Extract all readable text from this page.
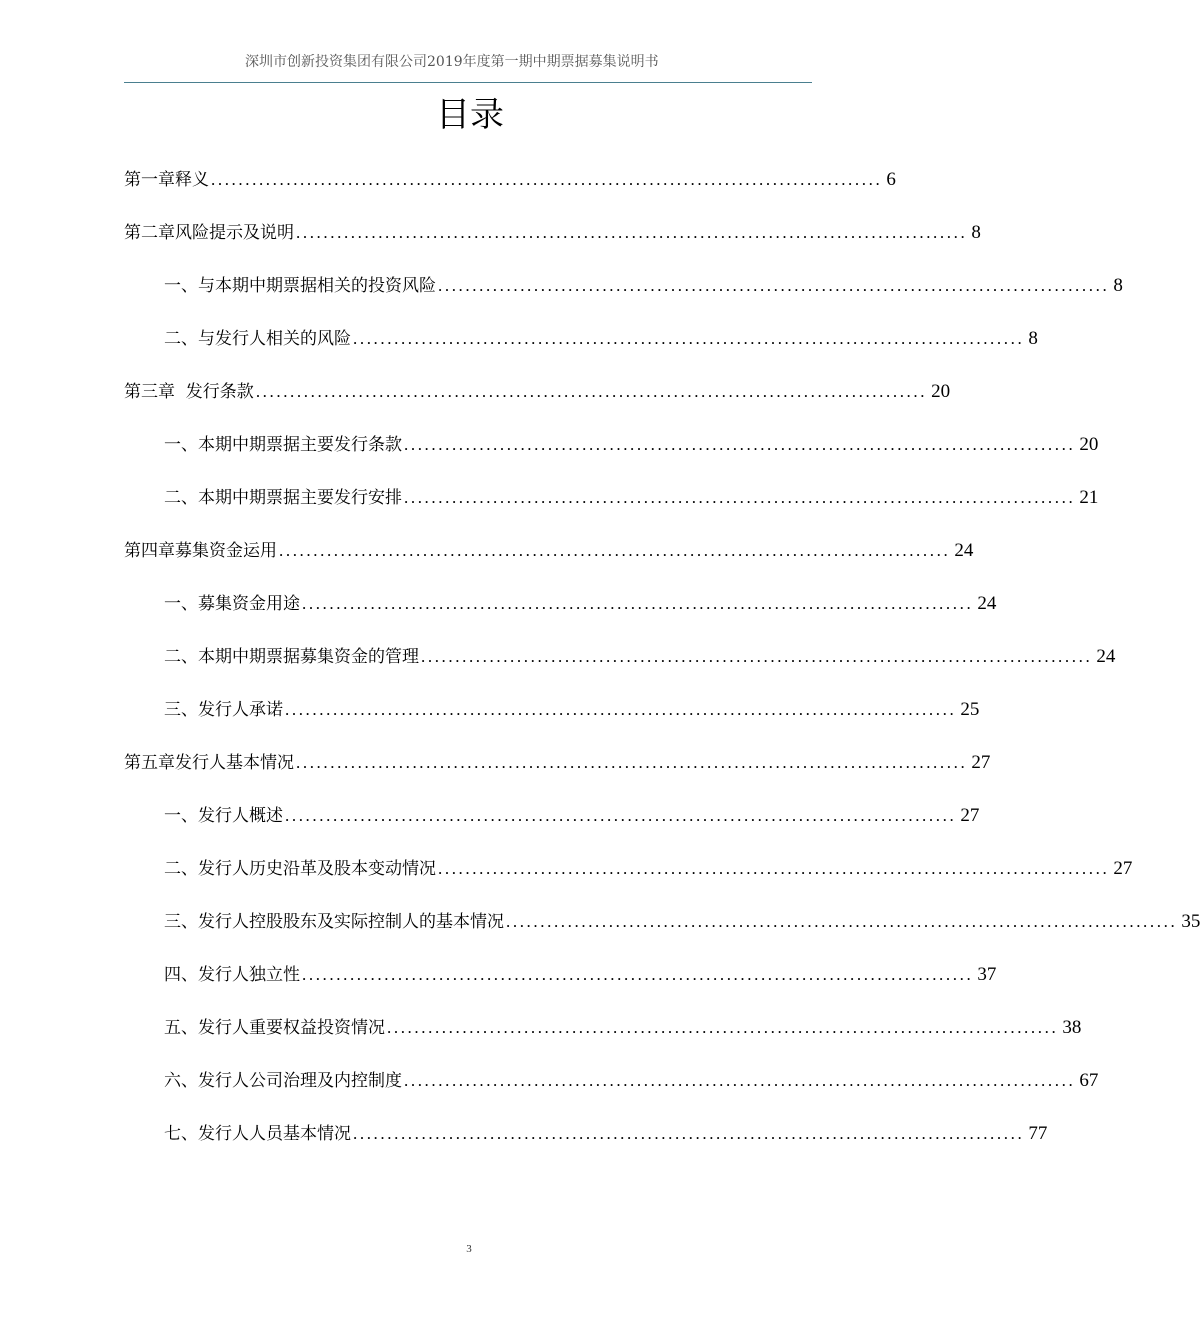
深圳市创新投资集团有限公司2019年度第一期中期票据募集说明书
目录
第一章释义 .................................................................................................. 6
第二章风险提示及说明 .................................................................................................. 8
一、 与本期中期票据相关的投资风险 .................................................................................................. 8
二、 与发行人相关的风险 .................................................................................................. 8
第三章  发行条款 .................................................................................................. 20
一、 本期中期票据主要发行条款 .................................................................................................. 20
二、 本期中期票据主要发行安排 .................................................................................................. 21
第四章募集资金运用 .................................................................................................. 24
一、 募集资金用途 .................................................................................................. 24
二、 本期中期票据募集资金的管理 .................................................................................................. 24
三、 发行人承诺 .................................................................................................. 25
第五章发行人基本情况 .................................................................................................. 27
一、 发行人概述 .................................................................................................. 27
二、 发行人历史沿革及股本变动情况 .................................................................................................. 27
三、 发行人控股股东及实际控制人的基本情况 .................................................................................................. 35
四、 发行人独立性 .................................................................................................. 37
五、 发行人重要权益投资情况 .................................................................................................. 38
六、 发行人公司治理及内控制度 .................................................................................................. 67
七、 发行人人员基本情况 .................................................................................................. 77
3
